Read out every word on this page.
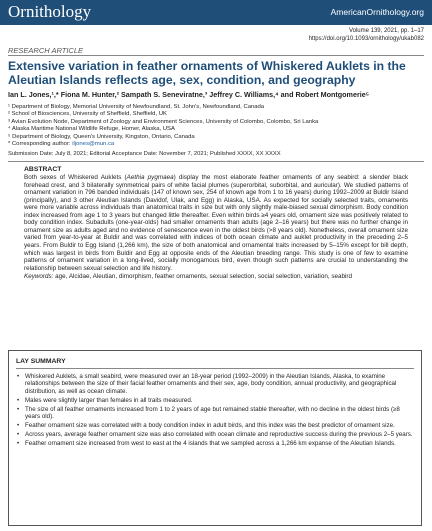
Ornithology	AmericanOrnithology.org
Volume 139, 2021, pp. 1–17
https://doi.org/10.1093/ornithology/ukab082
RESEARCH ARTICLE
Extensive variation in feather ornaments of Whiskered Auklets in the Aleutian Islands reflects age, sex, condition, and geography
Ian L. Jones,¹,* Fiona M. Hunter,² Sampath S. Seneviratne,³ Jeffrey C. Williams,⁴ and Robert Montgomerie⁵
¹ Department of Biology, Memorial University of Newfoundland, St. John's, Newfoundland, Canada
² School of Biosciences, University of Sheffield, Sheffield, UK
³ Avian Evolution Node, Department of Zoology and Environment Sciences, University of Colombo, Colombo, Sri Lanka
⁴ Alaska Maritime National Wildlife Refuge, Homer, Alaska, USA
⁵ Department of Biology, Queen's University, Kingston, Ontario, Canada
* Corresponding author: iljones@mun.ca
Submission Date: July 8, 2021; Editorial Acceptance Date: November 7, 2021; Published XXXX, XX XXXX
ABSTRACT
Both sexes of Whiskered Auklets (Aethia pygmaea) display the most elaborate feather ornaments of any seabird: a slender black forehead crest, and 3 bilaterally symmetrical pairs of white facial plumes (superorbital, suborbital, and auricular). We studied patterns of ornament variation in 796 banded individuals (147 of known sex, 254 of known age from 1 to 16 years) during 1992–2009 at Buldir Island (principally), and 3 other Aleutian Islands (Davidof, Ulak, and Egg) in Alaska, USA. As expected for socially selected traits, ornaments were more variable across individuals than anatomical traits in size but with only slightly male-biased sexual dimorphism. Body condition index increased from age 1 to 3 years but changed little thereafter. Even within birds ≥4 years old, ornament size was positively related to body condition index. Subadults (one-year-olds) had smaller ornaments than adults (age 2–16 years) but there was no further change in ornament size as adults aged and no evidence of senescence even in the oldest birds (>8 years old). Nonetheless, overall ornament size varied from year-to-year at Buldir and was correlated with indices of both ocean climate and auklet productivity in the preceding 2–5 years. From Buldir to Egg Island (1,266 km), the size of both anatomical and ornamental traits increased by 5–15% except for bill depth, which was largest in birds from Buldir and Egg at opposite ends of the Aleutian breeding range. This study is one of few to examine patterns of ornament variation in a long-lived, socially monogamous bird, even though such patterns are crucial to understanding the relationship between sexual selection and life history.
Keywords: age, Alcidae, Aleutian, dimorphism, feather ornaments, sexual selection, social selection, variation, seabird
LAY SUMMARY
• Whiskered Auklets, a small seabird, were measured over an 18-year period (1992–2009) in the Aleutian Islands, Alaska, to examine relationships between the size of their facial feather ornaments and their sex, age, body condition, annual productivity, and geographical distribution, as well as ocean climate.
• Males were slightly larger than females in all traits measured.
• The size of all feather ornaments increased from 1 to 2 years of age but remained stable thereafter, with no decline in the oldest birds (≥8 years old).
• Feather ornament size was correlated with a body condition index in adult birds, and this index was the best predictor of ornament size.
• Across years, average feather ornament size was also correlated with ocean climate and reproductive success during the previous 2–5 years.
• Feather ornament size increased from west to east at the 4 islands that we sampled across a 1,266 km expanse of the Aleutian Islands.
